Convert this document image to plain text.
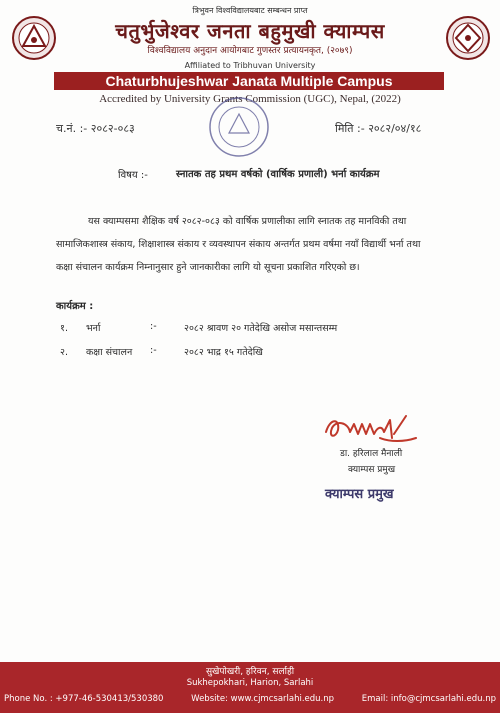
त्रिभुवन विश्वविद्यालयबाट सम्बन्धन प्राप्त
चतुर्भुजेश्वर जनता बहुमुखी क्याम्पस
विश्वविद्यालय अनुदान आयोगबाट गुणस्तर प्रत्यायनकृत, (२०७९)
Affiliated to Tribhuvan University
Chaturbhujeshwar Janata Multiple Campus
Accredited by University Grants Commission (UGC), Nepal, (2022)
च.नं. :- २०८२-०८३	मिति :- २०८२/०४/१८
विषय :-	स्नातक तह प्रथम वर्षको (वार्षिक प्रणाली) भर्ना कार्यक्रम
यस क्याम्पसमा शैक्षिक वर्ष २०८२-०८३ को वार्षिक प्रणालीका लागि स्नातक तह मानविकी तथा
सामाजिकशास्त्र संकाय, शिक्षाशास्त्र संकाय र व्यवस्थापन संकाय अन्तर्गत प्रथम वर्षमा नयाँ विद्यार्थी भर्ना तथा
कक्षा संचालन कार्यक्रम निम्नानुसार हुने जानकारीका लागि यो सूचना प्रकाशित गरिएको छ।
कार्यक्रम :
१. भर्ना	:-	२०८२ श्रावण २० गतेदेखि असोज मसान्तसम्म
२. कक्षा संचालन :-	२०८२ भाद्र १५ गतेदेखि
डा. हरिलाल मैनाली
क्याम्पस प्रमुख
क्याम्पस प्रमुख
सुखेपोखरी, हरिवन, सर्लाही
Sukhepokhari, Harion, Sarlahi
Phone No. : +977-46-530413/530380	Website: www.cjmcsarlahi.edu.np	Email: info@cjmcsarlahi.edu.np
